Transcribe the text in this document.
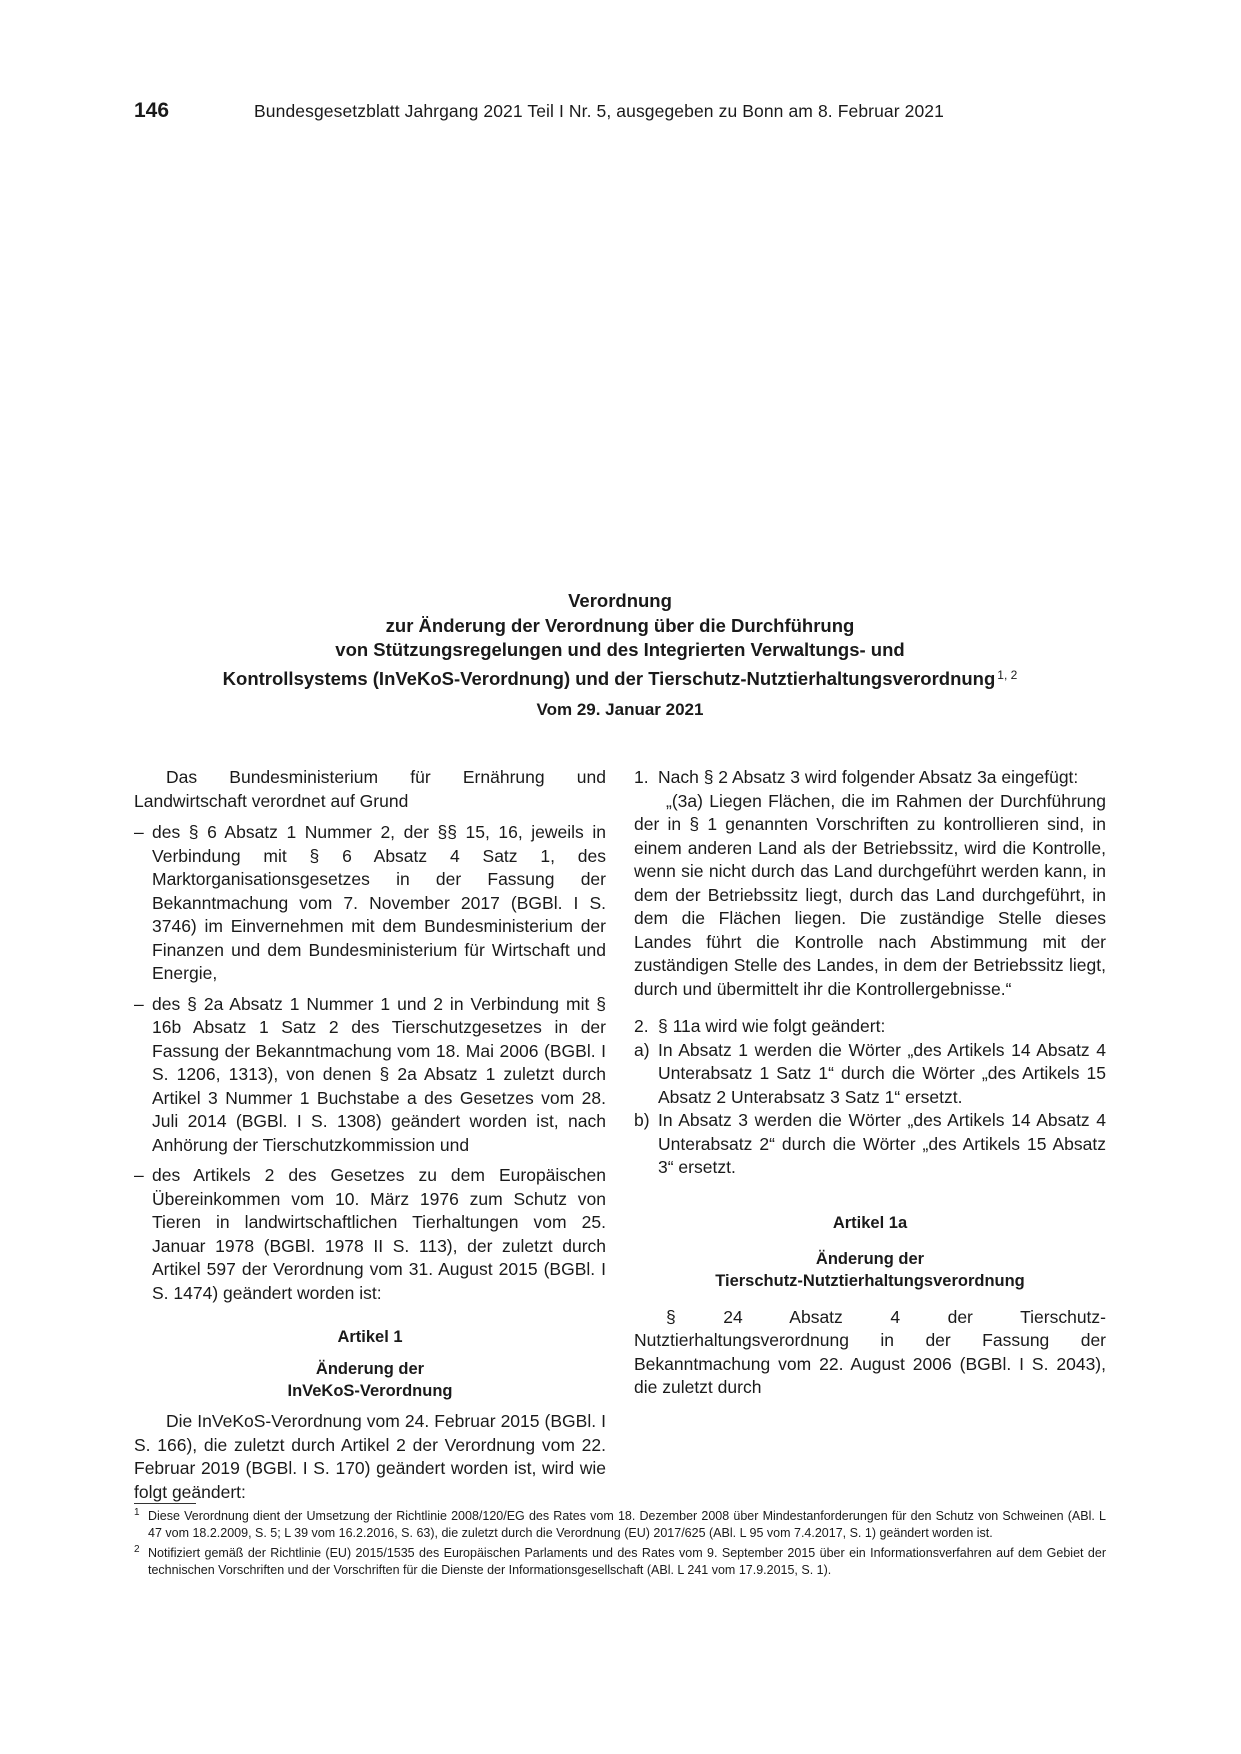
146	Bundesgesetzblatt Jahrgang 2021 Teil I Nr. 5, ausgegeben zu Bonn am 8. Februar 2021
Verordnung
zur Änderung der Verordnung über die Durchführung
von Stützungsregelungen und des Integrierten Verwaltungs- und
Kontrollsystems (InVeKoS-Verordnung) und der Tierschutz-Nutztierhaltungsverordnung $^{1, 2}$
Vom 29. Januar 2021

Das Bundesministerium für Ernährung und Landwirtschaft verordnet auf Grund

– des § 6 Absatz 1 Nummer 2, der §§ 15, 16, jeweils in Verbindung mit § 6 Absatz 4 Satz 1, des Marktorganisationsgesetzes in der Fassung der Bekanntmachung vom 7. November 2017 (BGBl. I S. 3746) im Einvernehmen mit dem Bundesministerium der Finanzen und dem Bundesministerium für Wirtschaft und Energie,
– des § 2a Absatz 1 Nummer 1 und 2 in Verbindung mit § 16b Absatz 1 Satz 2 des Tierschutzgesetzes in der Fassung der Bekanntmachung vom 18. Mai 2006 (BGBl. I S. 1206, 1313), von denen § 2a Absatz 1 zuletzt durch Artikel 3 Nummer 1 Buchstabe a des Gesetzes vom 28. Juli 2014 (BGBl. I S. 1308) geändert worden ist, nach Anhörung der Tierschutzkommission und
– des Artikels 2 des Gesetzes zu dem Europäischen Übereinkommen vom 10. März 1976 zum Schutz von Tieren in landwirtschaftlichen Tierhaltungen vom 25. Januar 1978 (BGBl. 1978 II S. 113), der zuletzt durch Artikel 597 der Verordnung vom 31. August 2015 (BGBl. I S. 1474) geändert worden ist:
Artikel 1
Änderung der
InVeKoS-Verordnung

Die InVeKoS-Verordnung vom 24. Februar 2015 (BGBl. I S. 166), die zuletzt durch Artikel 2 der Verordnung vom 22. Februar 2019 (BGBl. I S. 170) geändert worden ist, wird wie folgt geändert:

1. Nach § 2 Absatz 3 wird folgender Absatz 3a eingefügt:

„(3a) Liegen Flächen, die im Rahmen der Durchführung der in § 1 genannten Vorschriften zu kontrollieren sind, in einem anderen Land als der Betriebssitz, wird die Kontrolle, wenn sie nicht durch das Land durchgeführt werden kann, in dem der Betriebssitz liegt, durch das Land durchgeführt, in dem die Flächen liegen. Die zuständige Stelle dieses Landes führt die Kontrolle nach Abstimmung mit der zuständigen Stelle des Landes, in dem der Betriebssitz liegt, durch und übermittelt ihr die Kontrollergebnisse.“

2. § 11a wird wie folgt geändert:

a) In Absatz 1 werden die Wörter „des Artikels 14 Absatz 4 Unterabsatz 1 Satz 1“ durch die Wörter „des Artikels 15 Absatz 2 Unterabsatz 3 Satz 1“ ersetzt.

b) In Absatz 3 werden die Wörter „des Artikels 14 Absatz 4 Unterabsatz 2“ durch die Wörter „des Artikels 15 Absatz 3“ ersetzt.

Artikel 1a
Änderung der
Tierschutz-Nutztierhaltungsverordnung

§ 24 Absatz 4 der Tierschutz-Nutztierhaltungsverordnung in der Fassung der Bekanntmachung vom 22. August 2006 (BGBl. I S. 2043), die zuletzt durch

1 Diese Verordnung dient der Umsetzung der Richtlinie 2008/120/EG des Rates vom 18. Dezember 2008 über Mindestanforderungen für den Schutz von Schweinen (ABl. L 47 vom 18.2.2009, S. 5; L 39 vom 16.2.2016, S. 63), die zuletzt durch die Verordnung (EU) 2017/625 (ABl. L 95 vom 7.4.2017, S. 1) geändert worden ist.

2 Notifiziert gemäß der Richtlinie (EU) 2015/1535 des Europäischen Parlaments und des Rates vom 9. September 2015 über ein Informationsverfahren auf dem Gebiet der technischen Vorschriften und der Vorschriften für die Dienste der Informationsgesellschaft (ABl. L 241 vom 17.9.2015, S. 1).
